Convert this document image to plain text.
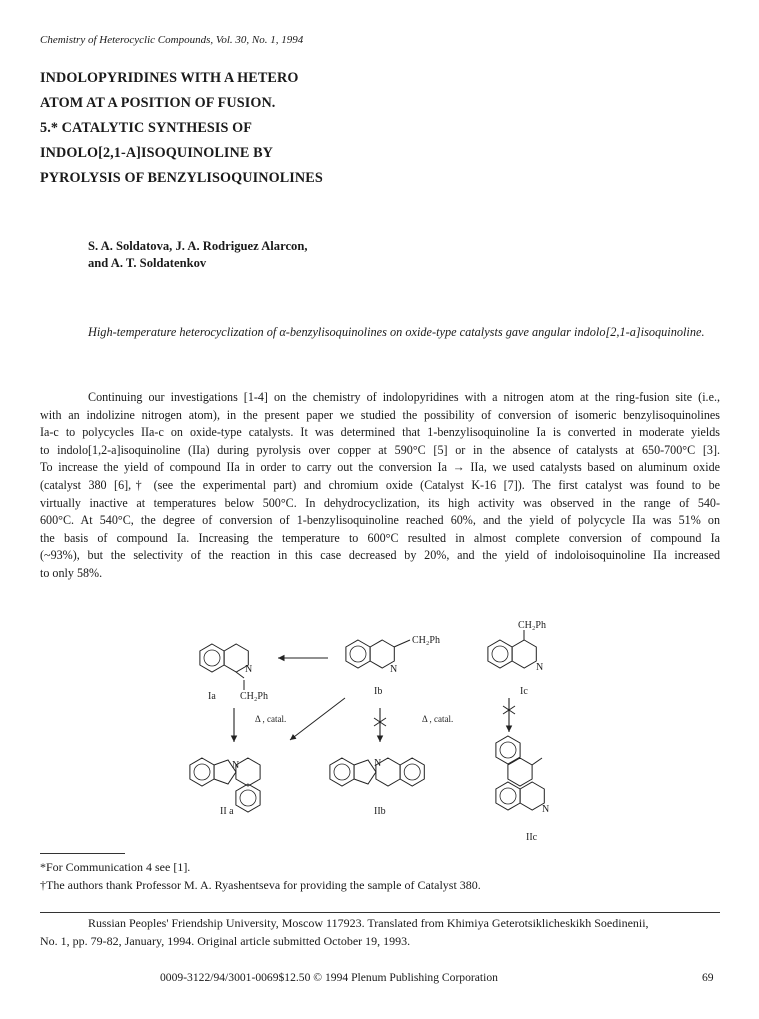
Chemistry of Heterocyclic Compounds, Vol. 30, No. 1, 1994
INDOLOPYRIDINES WITH A HETERO
ATOM AT A POSITION OF FUSION.
5.* CATALYTIC SYNTHESIS OF
INDOLO[2,1-A]ISOQUINOLINE BY
PYROLYSIS OF BENZYLISOQUINOLINES
S. A. Soldatova, J. A. Rodriguez Alarcon,
and A. T. Soldatenkov
High-temperature heterocyclization of α-benzylisoquinolines on oxide-type catalysts gave angular indolo[2,1-a]isoquinoline.
Continuing our investigations [1-4] on the chemistry of indolopyridines with a nitrogen atom at the ring-fusion site (i.e.,
with an indolizine nitrogen atom), in the present paper we studied the possibility of conversion of isomeric benzylisoquinolines
Ia-c to polycycles IIa-c on oxide-type catalysts. It was determined that 1-benzylisoquinoline Ia is converted in moderate yields
to indolo[1,2-a]isoquinoline (IIa) during pyrolysis over copper at 590°C [5] or in the absence of catalysts at 650-700°C [3].
To increase the yield of compound IIa in order to carry out the conversion Ia → IIa, we used catalysts based on aluminum oxide
(catalyst 380 [6],† (see the experimental part) and chromium oxide (Catalyst K-16 [7]). The first catalyst was found to be
virtually inactive at temperatures below 500°C. In dehydrocyclization, its high activity was observed in the range of 540-
600°C. At 540°C, the degree of conversion of 1-benzylisoquinoline reached 60%, and the yield of polycycle IIa was 51% on
the basis of compound Ia. Increasing the temperature to 600°C resulted in almost complete conversion of compound Ia
(~93%), but the selectivity of the reaction in this case decreased by 20%, and the yield of indoloisoquinoline IIa increased
to only 58%.
N
CH₂Ph
Ia
CH₂Ph
N
Ib
CH₂Ph
N
Ic
Δ , catal.	Δ , catal.
N
II a
N
IIb	N
IIc
*For Communication 4 see [1].
†The authors thank Professor M. A. Ryashentseva for providing the sample of Catalyst 380.
Russian Peoples' Friendship University, Moscow 117923. Translated from Khimiya Geterotsiklicheskikh Soedinenii,
No. 1, pp. 79-82, January, 1994. Original article submitted October 19, 1993.
0009-3122/94/3001-0069$12.50 © 1994 Plenum Publishing Corporation	69
